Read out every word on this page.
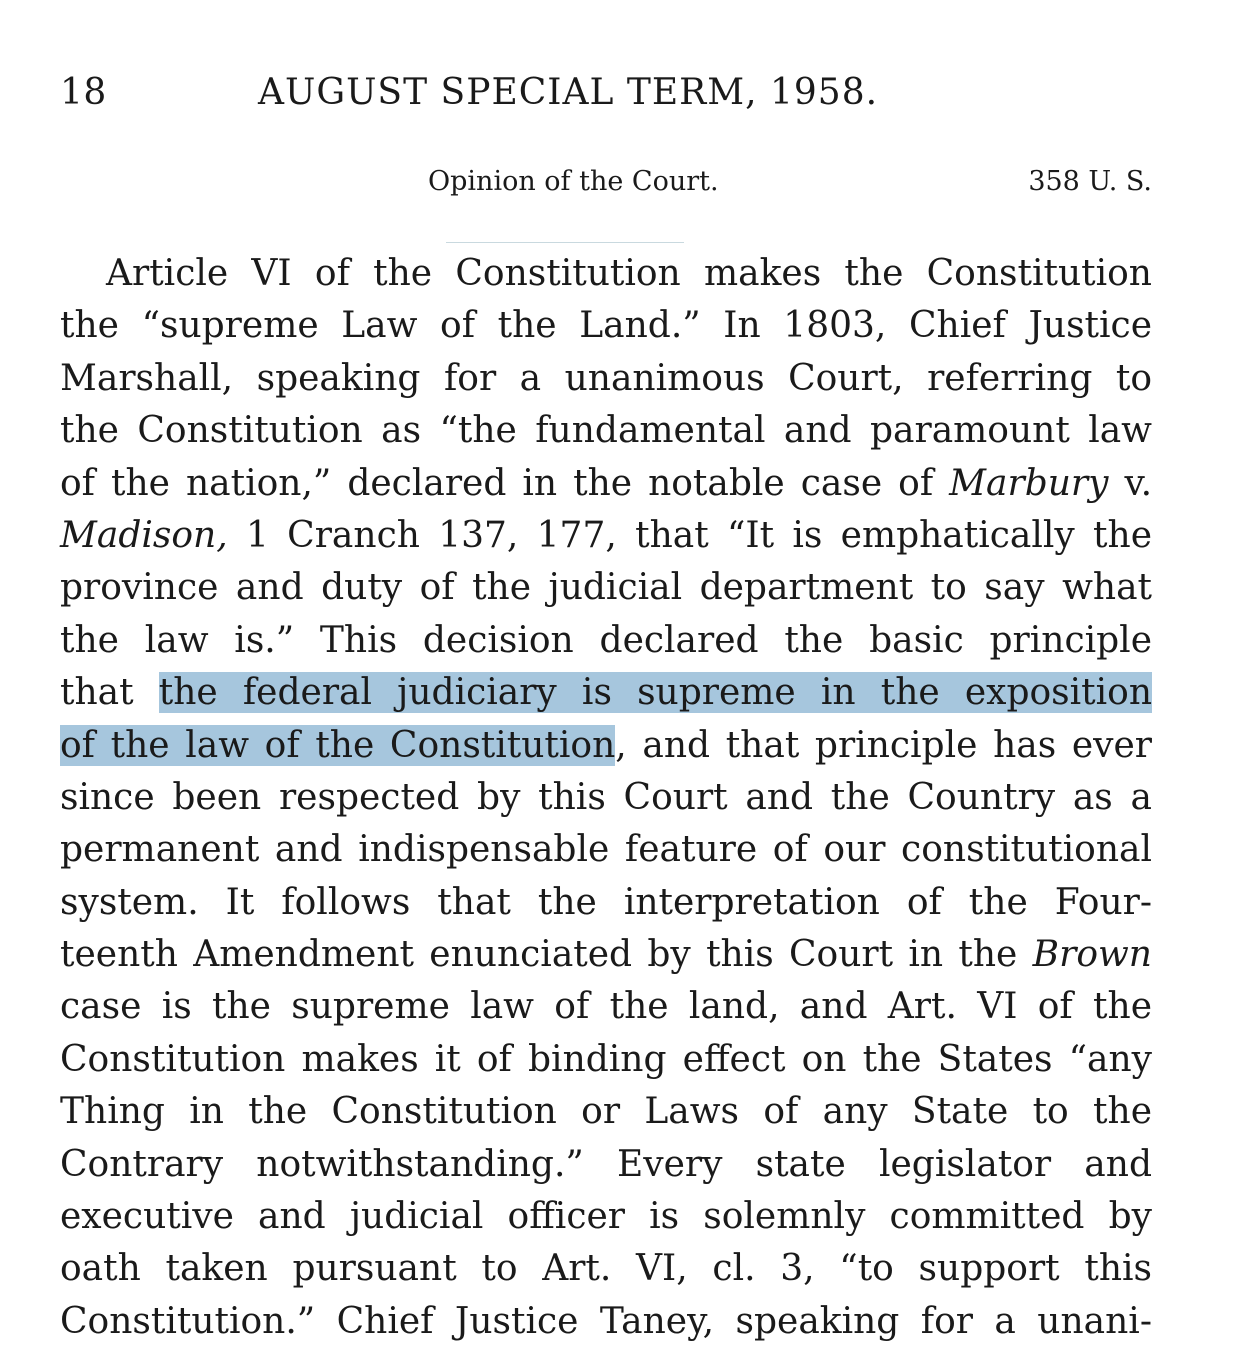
18	AUGUST SPECIAL TERM, 1958.
Opinion of the Court.	358 U. S.
Article VI of the Constitution makes the Constitution
the “supreme Law of the Land.” In 1803, Chief Justice
Marshall, speaking for a unanimous Court, referring to
the Constitution as “the fundamental and paramount law
of the nation,” declared in the notable case of Marbury v.
Madison, 1 Cranch 137, 177, that “It is emphatically the
province and duty of the judicial department to say what
the law is.” This decision declared the basic principle
that the federal judiciary is supreme in the exposition
of the law of the Constitution, and that principle has ever
since been respected by this Court and the Country as a
permanent and indispensable feature of our constitutional
system. It follows that the interpretation of the Four-
teenth Amendment enunciated by this Court in the Brown
case is the supreme law of the land, and Art. VI of the
Constitution makes it of binding effect on the States “any
Thing in the Constitution or Laws of any State to the
Contrary notwithstanding.” Every state legislator and
executive and judicial officer is solemnly committed by
oath taken pursuant to Art. VI, cl. 3, “to support this
Constitution.” Chief Justice Taney, speaking for a unani-
